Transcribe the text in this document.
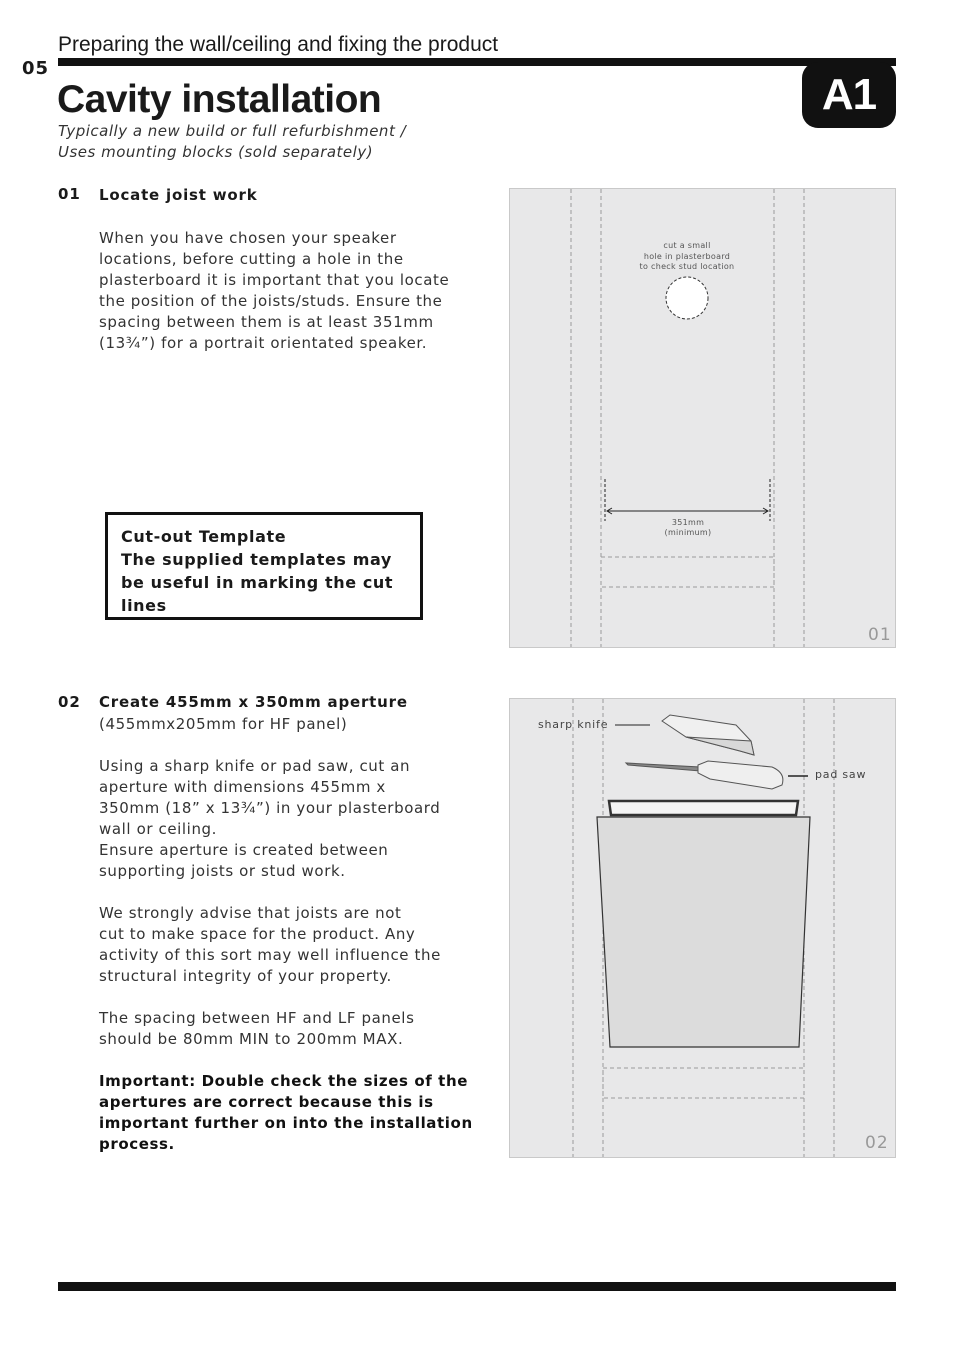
05
Preparing the wall/ceiling and fixing the product
A1
Cavity installation
Typically a new build or full refurbishment /
Uses mounting blocks (sold separately)
01 Locate joist work
When you have chosen your speaker
locations, before cutting a hole in the
plasterboard it is important that you locate
the position of the joists/studs. Ensure the
spacing between them is at least 351mm
(13¾”) for a portrait orientated speaker.
Cut-out Template
The supplied templates may
be useful in marking the cut
lines
cut a small
hole in plasterboard
to check stud location
351mm
(minimum)
01
02 Create 455mm x 350mm aperture
(455mmx205mm for HF panel)

Using a sharp knife or pad saw, cut an
aperture with dimensions 455mm x
350mm (18” x 13¾”) in your plasterboard
wall or ceiling.
Ensure aperture is created between
supporting joists or stud work.

We strongly advise that joists are not
cut to make space for the product. Any
activity of this sort may well influence the
structural integrity of your property.

The spacing between HF and LF panels
should be 80mm MIN to 200mm MAX.

Important: Double check the sizes of the
apertures are correct because this is
important further on into the installation
process.

sharp knife
pad saw
02
